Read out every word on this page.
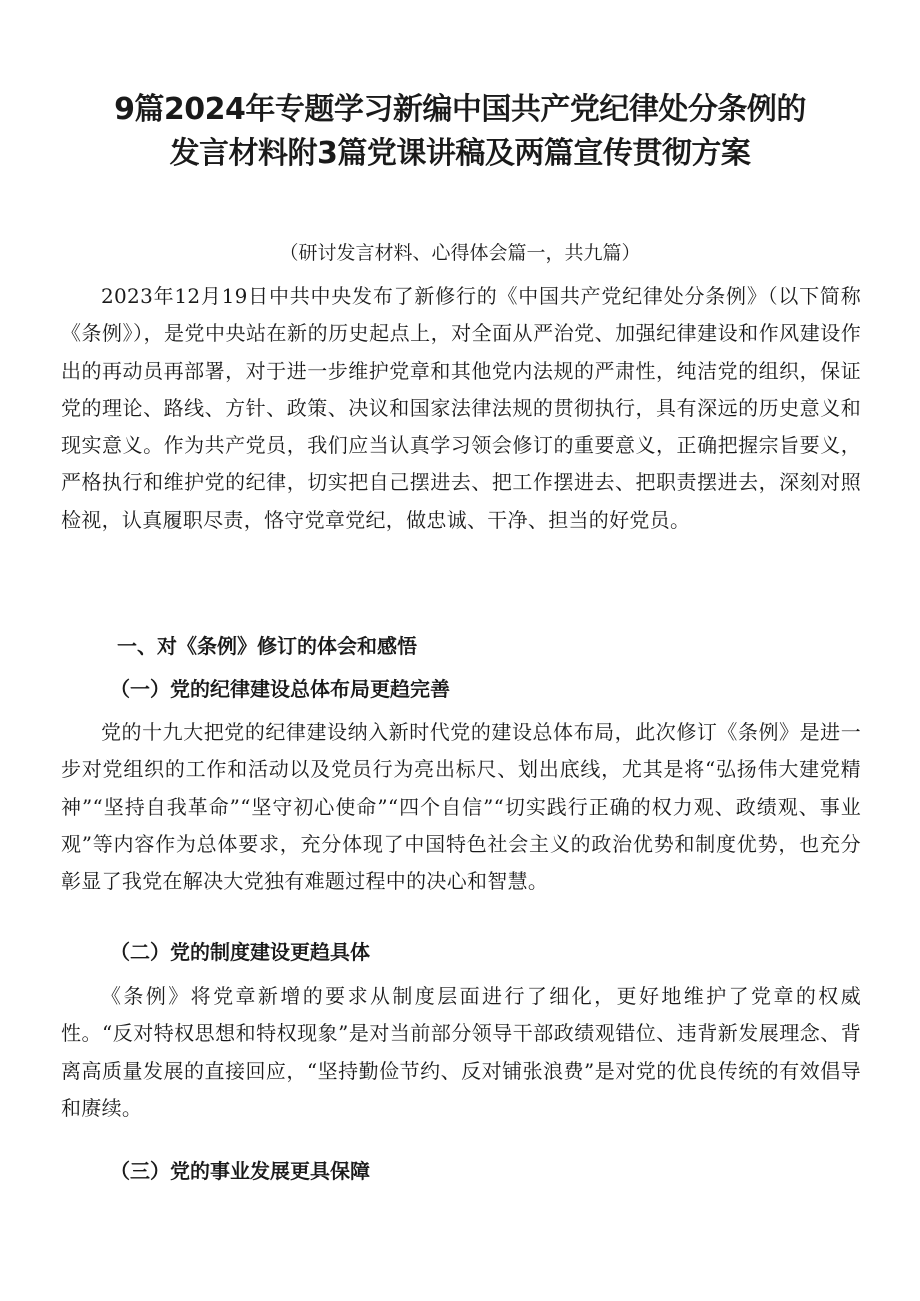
9篇2024年专题学习新编中国共产党纪律处分条例的
发言材料附3篇党课讲稿及两篇宣传贯彻方案
（研讨发言材料、心得体会篇一，共九篇）

2023年12月19日中共中央发布了新修行的《中国共产党纪律处分条例》（以下简称《条例》），是党中央站在新的历史起点上，对全面从严治党、加强纪律建设和作风建设作出的再动员再部署，对于进一步维护党章和其他党内法规的严肃性，纯洁党的组织，保证党的理论、路线、方针、政策、决议和国家法律法规的贯彻执行，具有深远的历史意义和现实意义。作为共产党员，我们应当认真学习领会修订的重要意义，正确把握宗旨要义，严格执行和维护党的纪律，切实把自己摆进去、把工作摆进去、把职责摆进去，深刻对照检视，认真履职尽责，恪守党章党纪，做忠诚、干净、担当的好党员。

一、对《条例》修订的体会和感悟
（一）党的纪律建设总体布局更趋完善

党的十九大把党的纪律建设纳入新时代党的建设总体布局，此次修订《条例》是进一步对党组织的工作和活动以及党员行为亮出标尺、划出底线，尤其是将“弘扬伟大建党精神”“坚持自我革命”“坚守初心使命”“四个自信”“切实践行正确的权力观、政绩观、事业观”等内容作为总体要求，充分体现了中国特色社会主义的政治优势和制度优势，也充分彰显了我党在解决大党独有难题过程中的决心和智慧。

（二）党的制度建设更趋具体

《条例》将党章新增的要求从制度层面进行了细化，更好地维护了党章的权威性。“反对特权思想和特权现象”是对当前部分领导干部政绩观错位、违背新发展理念、背离高质量发展的直接回应，“坚持勤俭节约、反对铺张浪费”是对党的优良传统的有效倡导和赓续。

（三）党的事业发展更具保障
